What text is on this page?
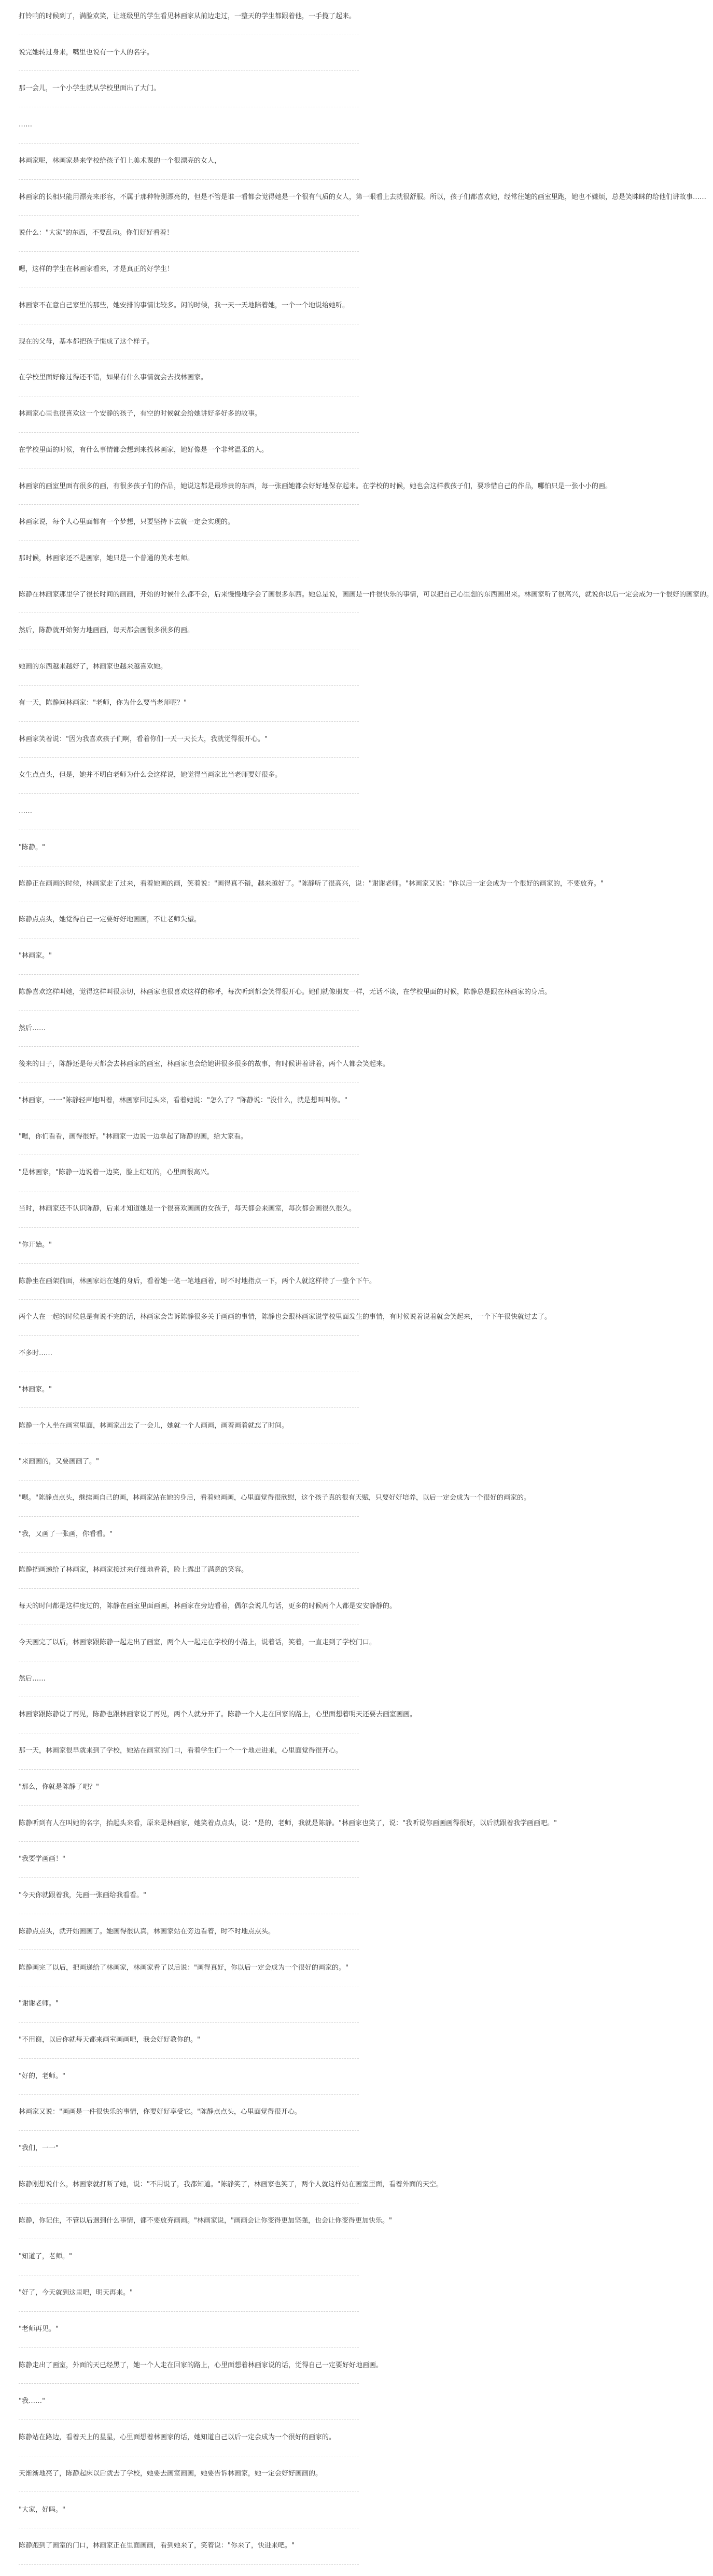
打铃响的时候到了，满脸欢笑，让班级里的学生看见林画家从前边走过，一整天的学生都跟着他，一手揽了起来。
说完她转过身来，嘴里也说有一个人的名字。
那一会儿，一个小学生就从学校里面出了大门。
……
林画家呢，林画家是来学校给孩子们上美术课的一个很漂亮的女人，
林画家的长相只能用漂亮来形容，不属于那种特别漂亮的，但是不管是谁一看都会觉得她是一个很有气质的女人，第一眼看上去就很舒服。所以，孩子们都喜欢她，经常往她的画室里跑，她也不嫌烦，总是笑眯眯的给他们讲故事……
说什么："大家"的东西，不要乱动。你们好好看着！
嗯，这样的学生在林画家看来，才是真正的好学生！
林画家不在意自己家里的那些，她安排的事情比较多。闲的时候，我一天一天地陪着她，一个一个地说给她听。
现在的父母，基本都把孩子惯成了这个样子。
在学校里面好像过得还不错，如果有什么事情就会去找林画家。
林画家心里也很喜欢这一个安静的孩子，有空的时候就会给她讲好多好多的故事。
在学校里面的时候，有什么事情都会想到来找林画家，她好像是一个非常温柔的人。
林画家的画室里面有很多的画，有很多孩子们的作品，她说这都是最珍贵的东西，每一张画她都会好好地保存起来。在学校的时候，她也会这样教孩子们，要珍惜自己的作品，哪怕只是一张小小的画。
林画家说，每个人心里面都有一个梦想，只要坚持下去就一定会实现的。
那时候，林画家还不是画家，她只是一个普通的美术老师。
陈静在林画家那里学了很长时间的画画，开始的时候什么都不会，后来慢慢地学会了画很多东西。她总是说，画画是一件很快乐的事情，可以把自己心里想的东西画出来。林画家听了很高兴，就说你以后一定会成为一个很好的画家的。
然后，陈静就开始努力地画画，每天都会画很多很多的画。
她画的东西越来越好了，林画家也越来越喜欢她。
有一天，陈静问林画家："老师，你为什么要当老师呢？"
林画家笑着说："因为我喜欢孩子们啊，看着你们一天一天长大，我就觉得很开心。"
女生点点头，但是，她并不明白老师为什么会这样说，她觉得当画家比当老师要好很多。
……
"陈静。"
陈静正在画画的时候，林画家走了过来，看着她画的画，笑着说："画得真不错，越来越好了。"陈静听了很高兴，说："谢谢老师。"林画家又说："你以后一定会成为一个很好的画家的，不要放弃。"
陈静点点头，她觉得自己一定要好好地画画，不让老师失望。
"林画家。"
陈静喜欢这样叫她，觉得这样叫很亲切，林画家也很喜欢这样的称呼，每次听到都会笑得很开心。她们就像朋友一样，无话不谈，在学校里面的时候，陈静总是跟在林画家的身后。
然后……
後来的日子，陈静还是每天都会去林画家的画室，林画家也会给她讲很多很多的故事，有时候讲着讲着，两个人都会笑起来。
"林画家，一一"陈静轻声地叫着，林画家回过头来，看着她说："怎么了？"陈静说："没什么，就是想叫叫你。"
"嗯，你们看看，画得很好。"林画家一边说一边拿起了陈静的画，给大家看。
"是林画家，"陈静一边说着一边笑，脸上红红的，心里面很高兴。
当时，林画家还不认识陈静，后来才知道她是一个很喜欢画画的女孩子，每天都会来画室，每次都会画很久很久。
"你开始。"
陈静坐在画架前面，林画家站在她的身后，看着她一笔一笔地画着，时不时地指点一下，两个人就这样待了一整个下午。
两个人在一起的时候总是有说不完的话，林画家会告诉陈静很多关于画画的事情，陈静也会跟林画家说学校里面发生的事情，有时候说着说着就会笑起来，一个下午很快就过去了。
不多时……
"林画家。"
陈静一个人坐在画室里面，林画家出去了一会儿，她就一个人画画，画着画着就忘了时间。
"来画画的，又要画画了。"
"嗯。"陈静点点头，继续画自己的画，林画家站在她的身后，看着她画画，心里面觉得很欣慰，这个孩子真的很有天赋，只要好好培养，以后一定会成为一个很好的画家的。
"我，又画了一张画，你看看。"
陈静把画递给了林画家，林画家接过来仔细地看着，脸上露出了满意的笑容。
每天的时间都是这样度过的，陈静在画室里面画画，林画家在旁边看着，偶尔会说几句话，更多的时候两个人都是安安静静的。
今天画完了以后，林画家跟陈静一起走出了画室，两个人一起走在学校的小路上，说着话，笑着，一直走到了学校门口。
然后……
林画家跟陈静说了再见，陈静也跟林画家说了再见，两个人就分开了。陈静一个人走在回家的路上，心里面想着明天还要去画室画画。
那一天，林画家很早就来到了学校，她站在画室的门口，看着学生们一个一个地走进来，心里面觉得很开心。
"那么，你就是陈静了吧？"
陈静听到有人在叫她的名字，抬起头来看，原来是林画家，她笑着点点头，说："是的，老师，我就是陈静。"林画家也笑了，说："我听说你画画画得很好，以后就跟着我学画画吧。"
"我要学画画！"
"今天你就跟着我，先画一张画给我看看。"
陈静点点头，就开始画画了。她画得很认真，林画家站在旁边看着，时不时地点点头。
陈静画完了以后，把画递给了林画家，林画家看了以后说："画得真好，你以后一定会成为一个很好的画家的。"
"谢谢老师。"
"不用谢，以后你就每天都来画室画画吧，我会好好教你的。"
"好的，老师。"
林画家又说："画画是一件很快乐的事情，你要好好享受它。"陈静点点头，心里面觉得很开心。
"我们，一一"
陈静刚想说什么，林画家就打断了她，说："不用说了，我都知道。"陈静笑了，林画家也笑了，两个人就这样站在画室里面，看着外面的天空。
陈静，你记住，不管以后遇到什么事情，都不要放弃画画。"林画家说，"画画会让你变得更加坚强，也会让你变得更加快乐。"
"知道了，老师。"
"好了，今天就到这里吧，明天再来。"
"老师再见。"
陈静走出了画室，外面的天已经黑了，她一个人走在回家的路上，心里面想着林画家说的话，觉得自己一定要好好地画画。
"我……"
陈静站在路边，看着天上的星星，心里面想着林画家的话，她知道自己以后一定会成为一个很好的画家的。
天渐渐地亮了，陈静起床以后就去了学校，她要去画室画画，她要告诉林画家，她一定会好好画画的。
"大家，好吗。"
陈静跑到了画室的门口，林画家正在里面画画，看到她来了，笑着说："你来了，快进来吧。"
